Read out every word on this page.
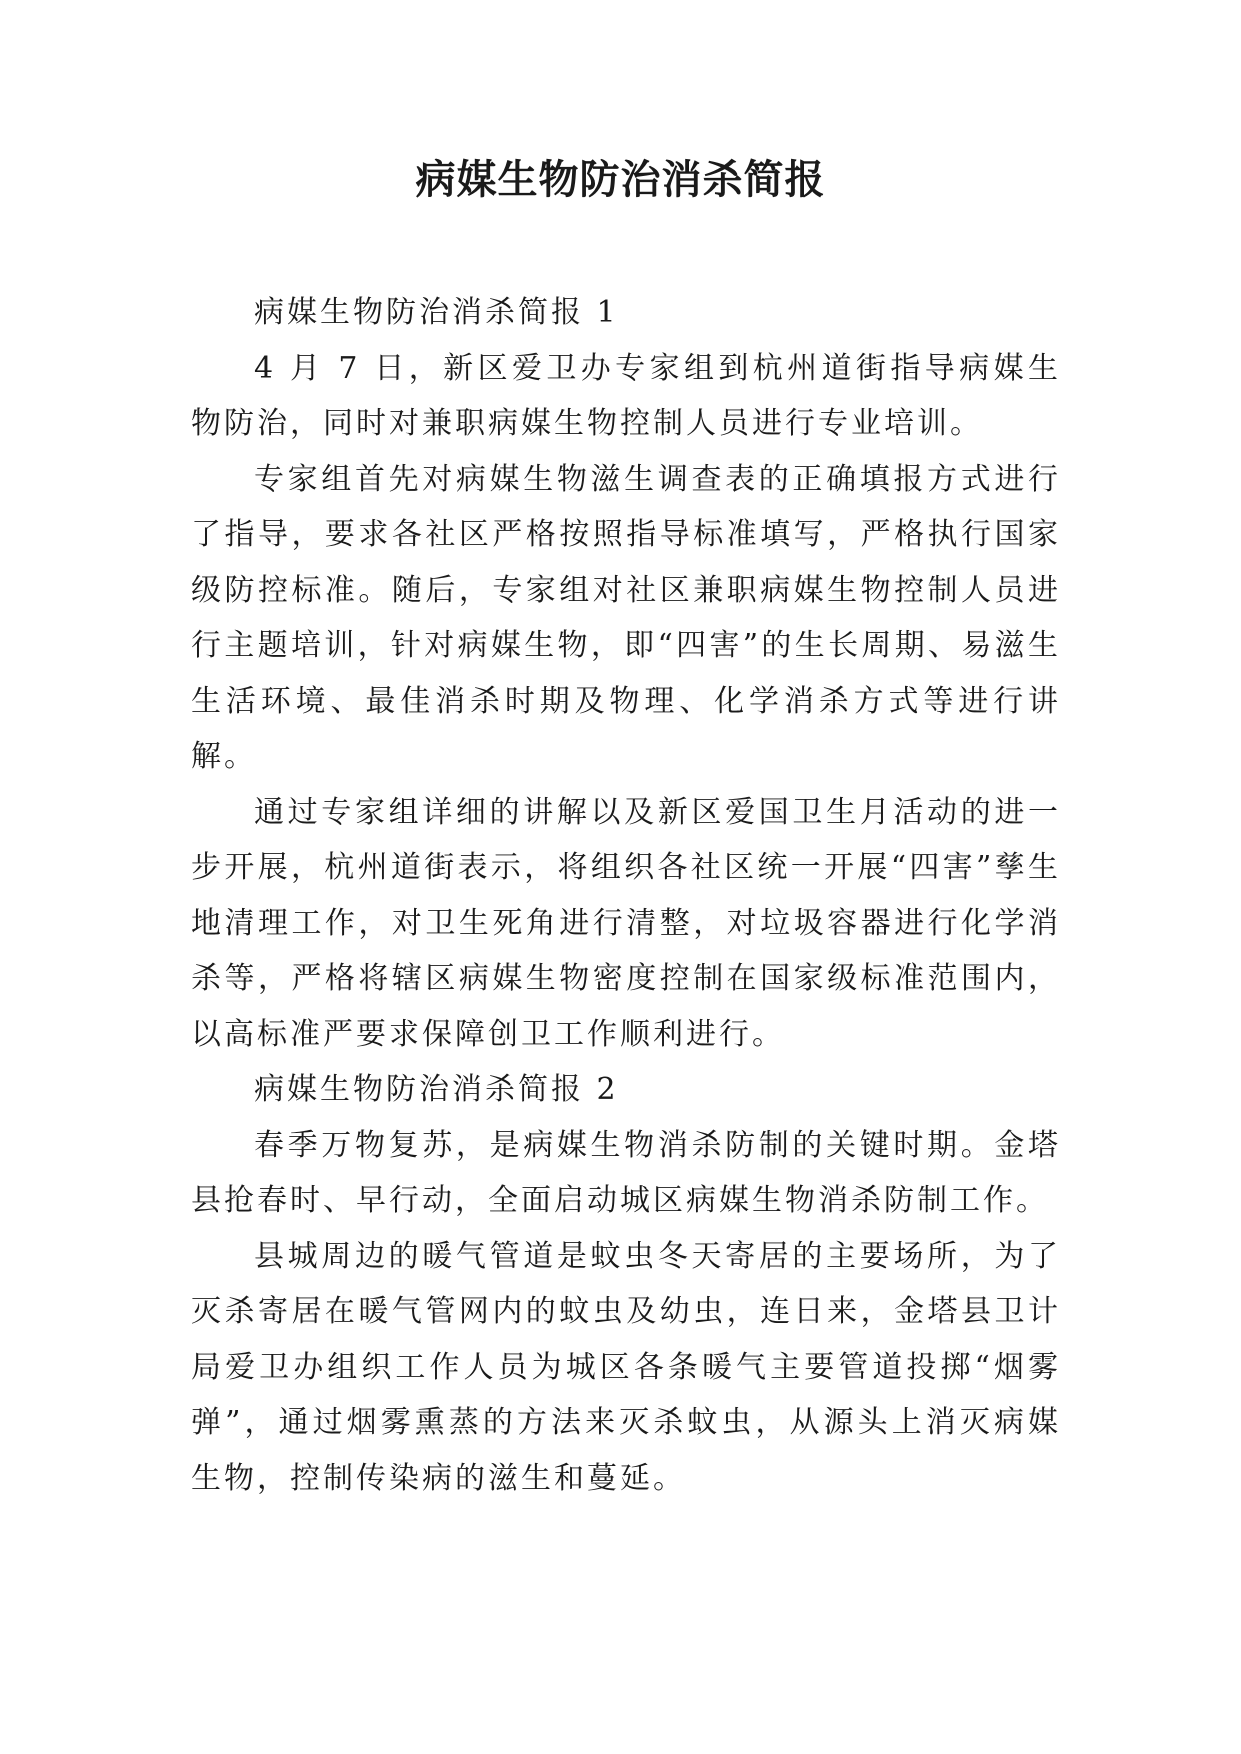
病媒生物防治消杀简报

病媒生物防治消杀简报 1

4 月 7 日，新区爱卫办专家组到杭州道街指导病媒生物防治，同时对兼职病媒生物控制人员进行专业培训。

专家组首先对病媒生物滋生调查表的正确填报方式进行了指导，要求各社区严格按照指导标准填写，严格执行国家级防控标准。随后，专家组对社区兼职病媒生物控制人员进行主题培训，针对病媒生物，即“四害”的生长周期、易滋生生活环境、最佳消杀时期及物理、化学消杀方式等进行讲解。

通过专家组详细的讲解以及新区爱国卫生月活动的进一步开展，杭州道街表示，将组织各社区统一开展“四害”孳生地清理工作，对卫生死角进行清整，对垃圾容器进行化学消杀等，严格将辖区病媒生物密度控制在国家级标准范围内，以高标准严要求保障创卫工作顺利进行。

病媒生物防治消杀简报 2

春季万物复苏，是病媒生物消杀防制的关键时期。金塔县抢春时、早行动，全面启动城区病媒生物消杀防制工作。

县城周边的暖气管道是蚊虫冬天寄居的主要场所，为了灭杀寄居在暖气管网内的蚊虫及幼虫，连日来，金塔县卫计局爱卫办组织工作人员为城区各条暖气主要管道投掷“烟雾弹”，通过烟雾熏蒸的方法来灭杀蚊虫，从源头上消灭病媒生物，控制传染病的滋生和蔓延。
